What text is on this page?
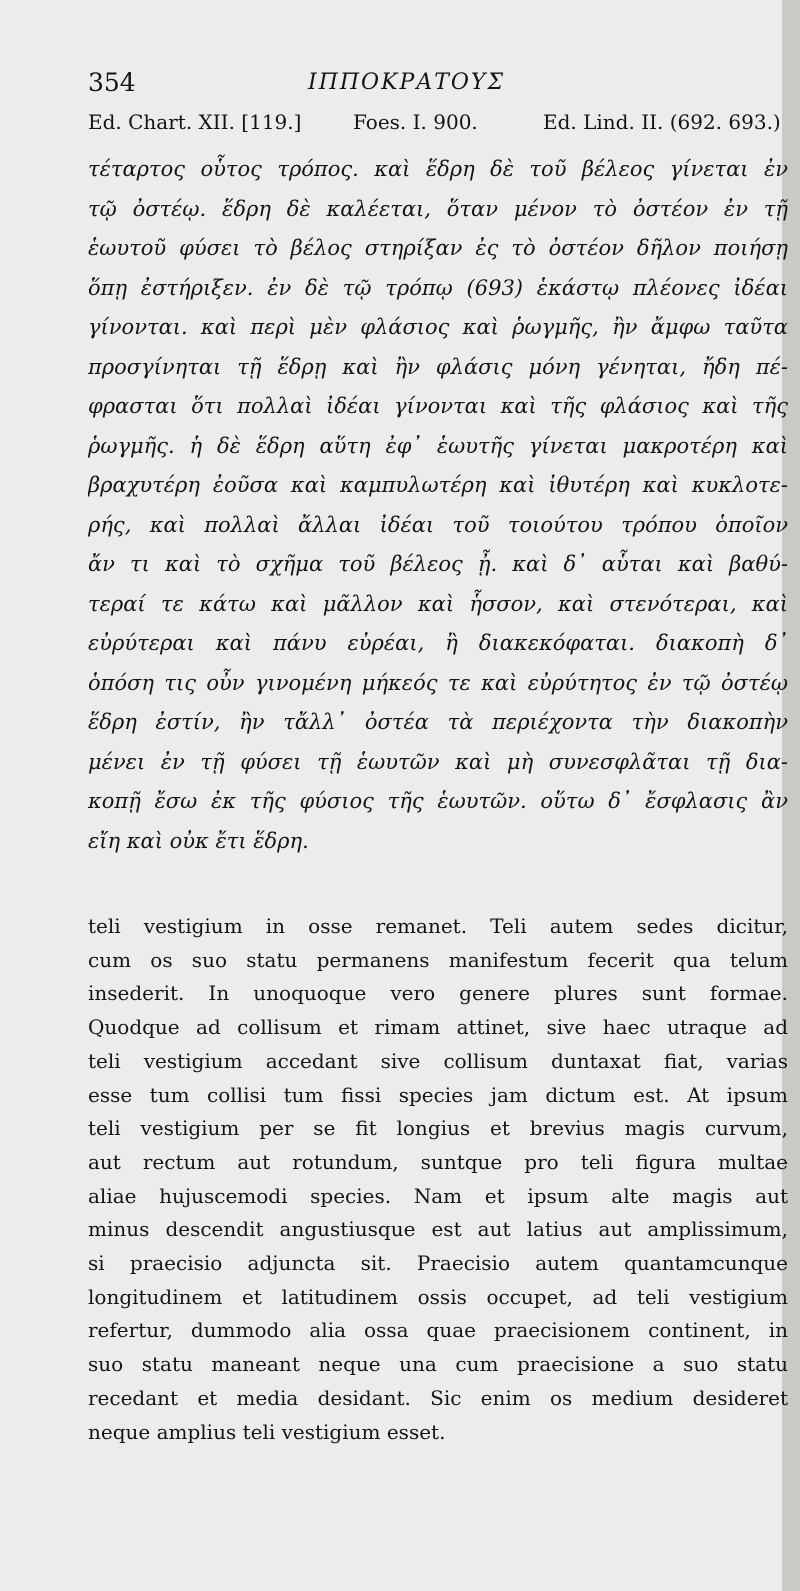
354	ΙΠΠΟΚΡΑΤΟΥΣ
Ed. Chart. XII. [119.]	Foes. I. 900.	Ed. Lind. II. (692. 693.)
τέταρτος οὗτος τρόπος. καὶ ἕδρη δὲ τοῦ βέλεος γίνεται ἐν
τῷ ὀστέῳ. ἕδρη δὲ καλέεται, ὅταν μένον τὸ ὀστέον ἐν τῇ
ἑωυτοῦ φύσει τὸ βέλος στηρίξαν ἐς τὸ ὀστέον δῆλον ποιήσῃ
ὅπῃ ἐστήριξεν. ἐν δὲ τῷ τρόπῳ (693) ἑκάστῳ πλέονες ἰδέαι
γίνονται. καὶ περὶ μὲν φλάσιος καὶ ῥωγμῆς, ἢν ἄμφω ταῦτα
προσγίνηται τῇ ἕδρῃ καὶ ἢν φλάσις μόνη γένηται, ἤδη πέ-
φρασται ὅτι πολλαὶ ἰδέαι γίνονται καὶ τῆς φλάσιος καὶ τῆς
ῥωγμῆς. ἡ δὲ ἕδρη αὕτη ἐφ᾽ ἑωυτῆς γίνεται μακροτέρη καὶ
βραχυτέρη ἐοῦσα καὶ καμπυλωτέρη καὶ ἰθυτέρη καὶ κυκλοτε-
ρής, καὶ πολλαὶ ἄλλαι ἰδέαι τοῦ τοιούτου τρόπου ὁποῖον
ἄν τι καὶ τὸ σχῆμα τοῦ βέλεος ᾖ. καὶ δ᾽ αὗται καὶ βαθύ-
τεραί τε κάτω καὶ μᾶλλον καὶ ἧσσον, καὶ στενότεραι, καὶ
εὐρύτεραι καὶ πάνυ εὐρέαι, ἢ διακεκόφαται. διακοπὴ δ᾽
ὁπόση τις οὖν γινομένη μήκεός τε καὶ εὐρύτητος ἐν τῷ ὀστέῳ
ἕδρη ἐστίν, ἢν τἄλλ᾽ ὀστέα τὰ περιέχοντα τὴν διακοπὴν
μένει ἐν τῇ φύσει τῇ ἑωυτῶν καὶ μὴ συνεσφλᾶται τῇ δια-
κοπῇ ἔσω ἐκ τῆς φύσιος τῆς ἑωυτῶν. οὕτω δ᾽ ἔσφλασις ἂν
εἴη καὶ οὐκ ἔτι ἕδρη.
teli vestigium in osse remanet. Teli autem sedes dicitur,
cum os suo statu permanens manifestum fecerit qua telum
insederit. In unoquoque vero genere plures sunt formae.
Quodque ad collisum et rimam attinet, sive haec utraque ad
teli vestigium accedant sive collisum duntaxat fiat, varias
esse tum collisi tum fissi species jam dictum est. At ipsum
teli vestigium per se fit longius et brevius magis curvum,
aut rectum aut rotundum, suntque pro teli figura multae
aliae hujuscemodi species. Nam et ipsum alte magis aut
minus descendit angustiusque est aut latius aut amplissimum,
si praecisio adjuncta sit. Praecisio autem quantamcunque
longitudinem et latitudinem ossis occupet, ad teli vestigium
refertur, dummodo alia ossa quae praecisionem continent, in
suo statu maneant neque una cum praecisione a suo statu
recedant et media desidant. Sic enim os medium desideret
neque amplius teli vestigium esset.
